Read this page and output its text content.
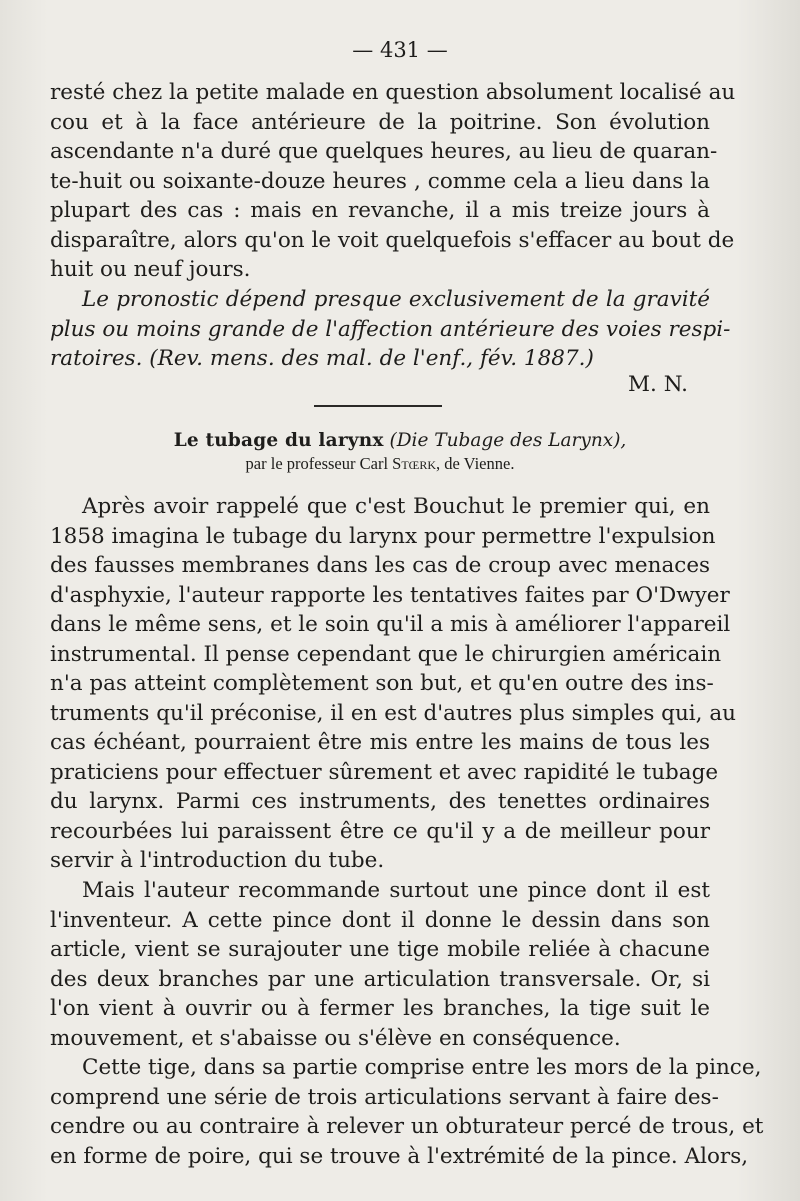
— 431 —

resté chez la petite malade en question absolument localisé au
cou et à la face antérieure de la poitrine. Son évolution
ascendante n'a duré que quelques heures, au lieu de quaran-
te-huit ou soixante-douze heures , comme cela a lieu dans la
plupart des cas : mais en revanche, il a mis treize jours à
disparaître, alors qu'on le voit quelquefois s'effacer au bout de
huit ou neuf jours.

Le pronostic dépend presque exclusivement de la gravité
plus ou moins grande de l'affection antérieure des voies respi-
ratoires. (Rev. mens. des mal. de l'enf., fév. 1887.)

M. N.
Le tubage du larynx (Die Tubage des Larynx),
par le professeur Carl Stœrk, de Vienne.

Après avoir rappelé que c'est Bouchut le premier qui, en
1858 imagina le tubage du larynx pour permettre l'expulsion
des fausses membranes dans les cas de croup avec menaces
d'asphyxie, l'auteur rapporte les tentatives faites par O'Dwyer
dans le même sens, et le soin qu'il a mis à améliorer l'appareil
instrumental. Il pense cependant que le chirurgien américain
n'a pas atteint complètement son but, et qu'en outre des ins-
truments qu'il préconise, il en est d'autres plus simples qui, au
cas échéant, pourraient être mis entre les mains de tous les
praticiens pour effectuer sûrement et avec rapidité le tubage
du larynx. Parmi ces instruments, des tenettes ordinaires
recourbées lui paraissent être ce qu'il y a de meilleur pour
servir à l'introduction du tube.

Mais l'auteur recommande surtout une pince dont il est
l'inventeur. A cette pince dont il donne le dessin dans son
article, vient se surajouter une tige mobile reliée à chacune
des deux branches par une articulation transversale. Or, si
l'on vient à ouvrir ou à fermer les branches, la tige suit le
mouvement, et s'abaisse ou s'élève en conséquence.

Cette tige, dans sa partie comprise entre les mors de la pince,
comprend une série de trois articulations servant à faire des-
cendre ou au contraire à relever un obturateur percé de trous, et
en forme de poire, qui se trouve à l'extrémité de la pince. Alors,
